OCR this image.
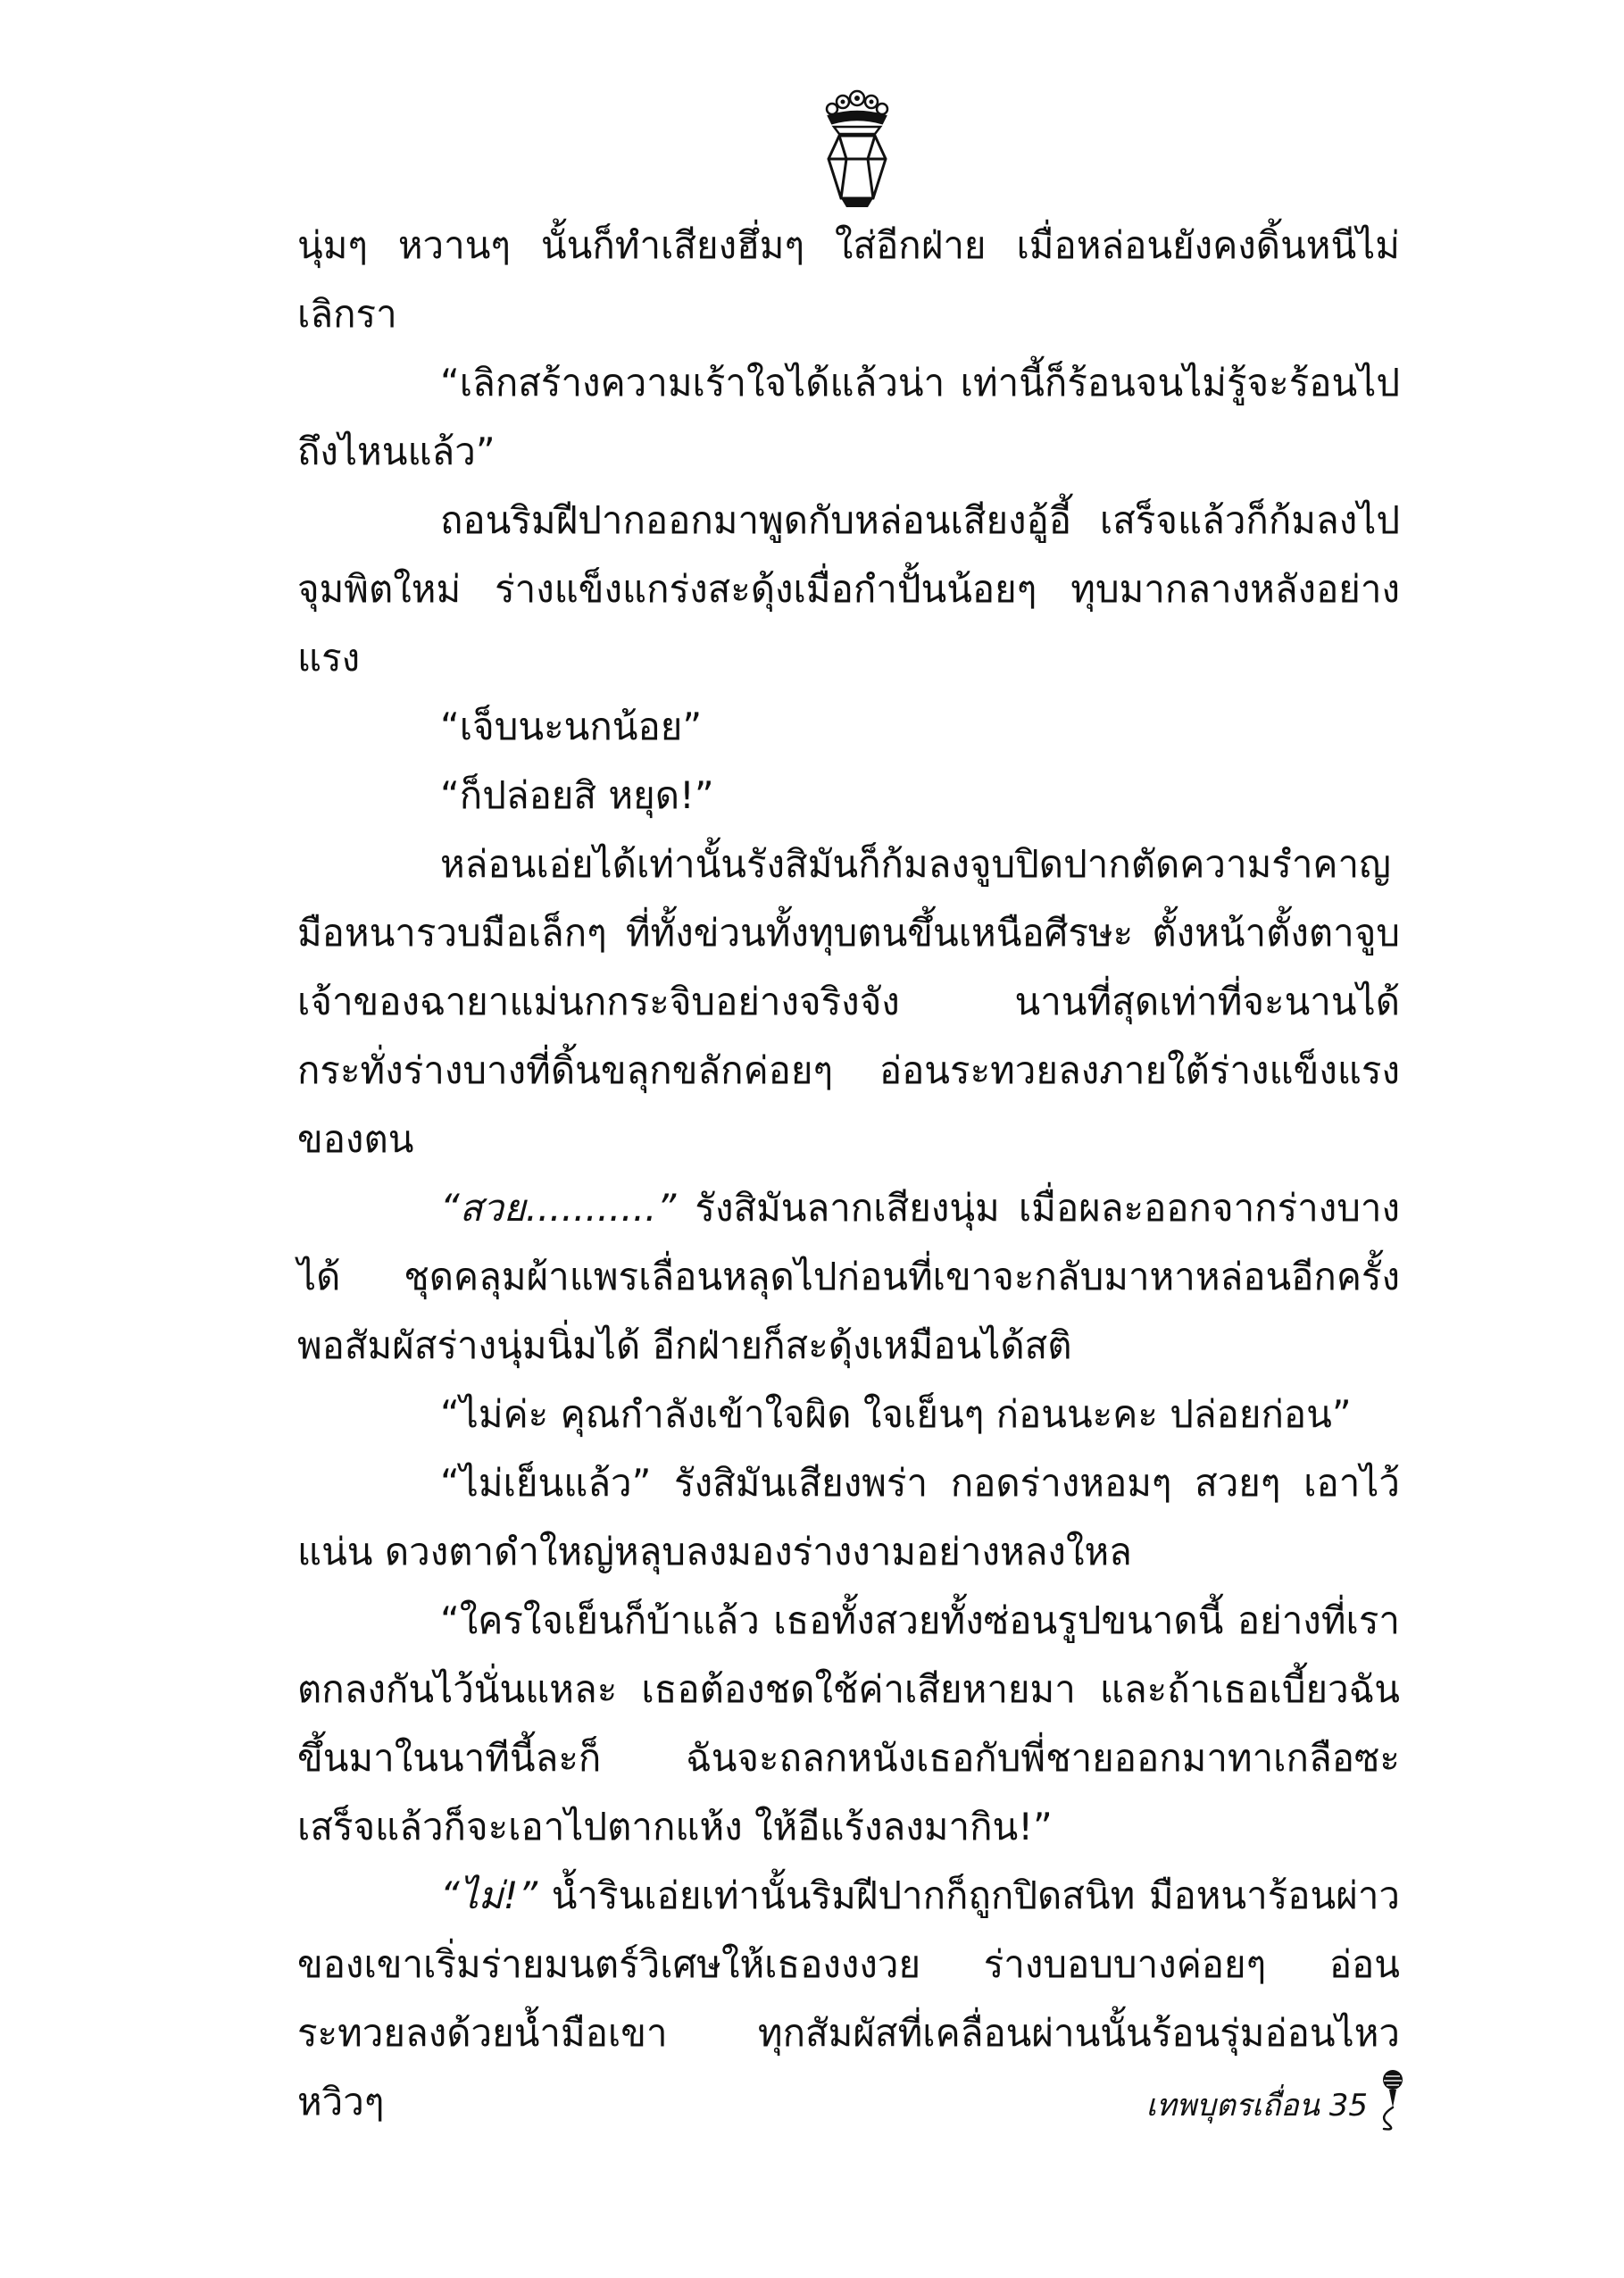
นุ่มๆ หวานๆ นั้นก็ทำเสียงฮึ่มๆ ใส่อีกฝ่าย เมื่อหล่อนยังคงดิ้นหนีไม่เลิกรา

“เลิกสร้างความเร้าใจได้แล้วน่า เท่านี้ก็ร้อนจนไม่รู้จะร้อนไปถึงไหนแล้ว”

ถอนริมฝีปากออกมาพูดกับหล่อนเสียงอู้อี้ เสร็จแล้วก็ก้มลงไปจุมพิตใหม่ ร่างแข็งแกร่งสะดุ้งเมื่อกำปั้นน้อยๆ ทุบมากลางหลังอย่างแรง

“เจ็บนะนกน้อย”

“ก็ปล่อยสิ หยุด!”

หล่อนเอ่ยได้เท่านั้นรังสิมันก็ก้มลงจูบปิดปากตัดความรำคาญ มือหนารวบมือเล็กๆ ที่ทั้งข่วนทั้งทุบตนขึ้นเหนือศีรษะ ตั้งหน้าตั้งตาจูบเจ้าของฉายาแม่นกกระจิบอย่างจริงจัง นานที่สุดเท่าที่จะนานได้ กระทั่งร่างบางที่ดิ้นขลุกขลักค่อยๆ อ่อนระทวยลงภายใต้ร่างแข็งแรงของตน

“สวย...........” รังสิมันลากเสียงนุ่ม เมื่อผละออกจากร่างบางได้ ชุดคลุมผ้าแพรเลื่อนหลุดไปก่อนที่เขาจะกลับมาหาหล่อนอีกครั้ง พอสัมผัสร่างนุ่มนิ่มได้ อีกฝ่ายก็สะดุ้งเหมือนได้สติ

“ไม่ค่ะ คุณกำลังเข้าใจผิด ใจเย็นๆ ก่อนนะคะ ปล่อยก่อน”

“ไม่เย็นแล้ว” รังสิมันเสียงพร่า กอดร่างหอมๆ สวยๆ เอาไว้แน่น ดวงตาดำใหญ่หลุบลงมองร่างงามอย่างหลงใหล

“ใครใจเย็นก็บ้าแล้ว เธอทั้งสวยทั้งซ่อนรูปขนาดนี้ อย่างที่เราตกลงกันไว้นั่นแหละ เธอต้องชดใช้ค่าเสียหายมา และถ้าเธอเบี้ยวฉันขึ้นมาในนาทีนี้ละก็ ฉันจะถลกหนังเธอกับพี่ชายออกมาทาเกลือซะ เสร็จแล้วก็จะเอาไปตากแห้ง ให้อีแร้งลงมากิน!”

“ไม่!” น้ำรินเอ่ยเท่านั้นริมฝีปากก็ถูกปิดสนิท มือหนาร้อนผ่าวของเขาเริ่มร่ายมนตร์วิเศษให้เธองงงวย ร่างบอบบางค่อยๆ อ่อนระทวยลงด้วยน้ำมือเขา ทุกสัมผัสที่เคลื่อนผ่านนั้นร้อนรุ่มอ่อนไหว หวิวๆ	เทพบุตรเถื่อน 35
